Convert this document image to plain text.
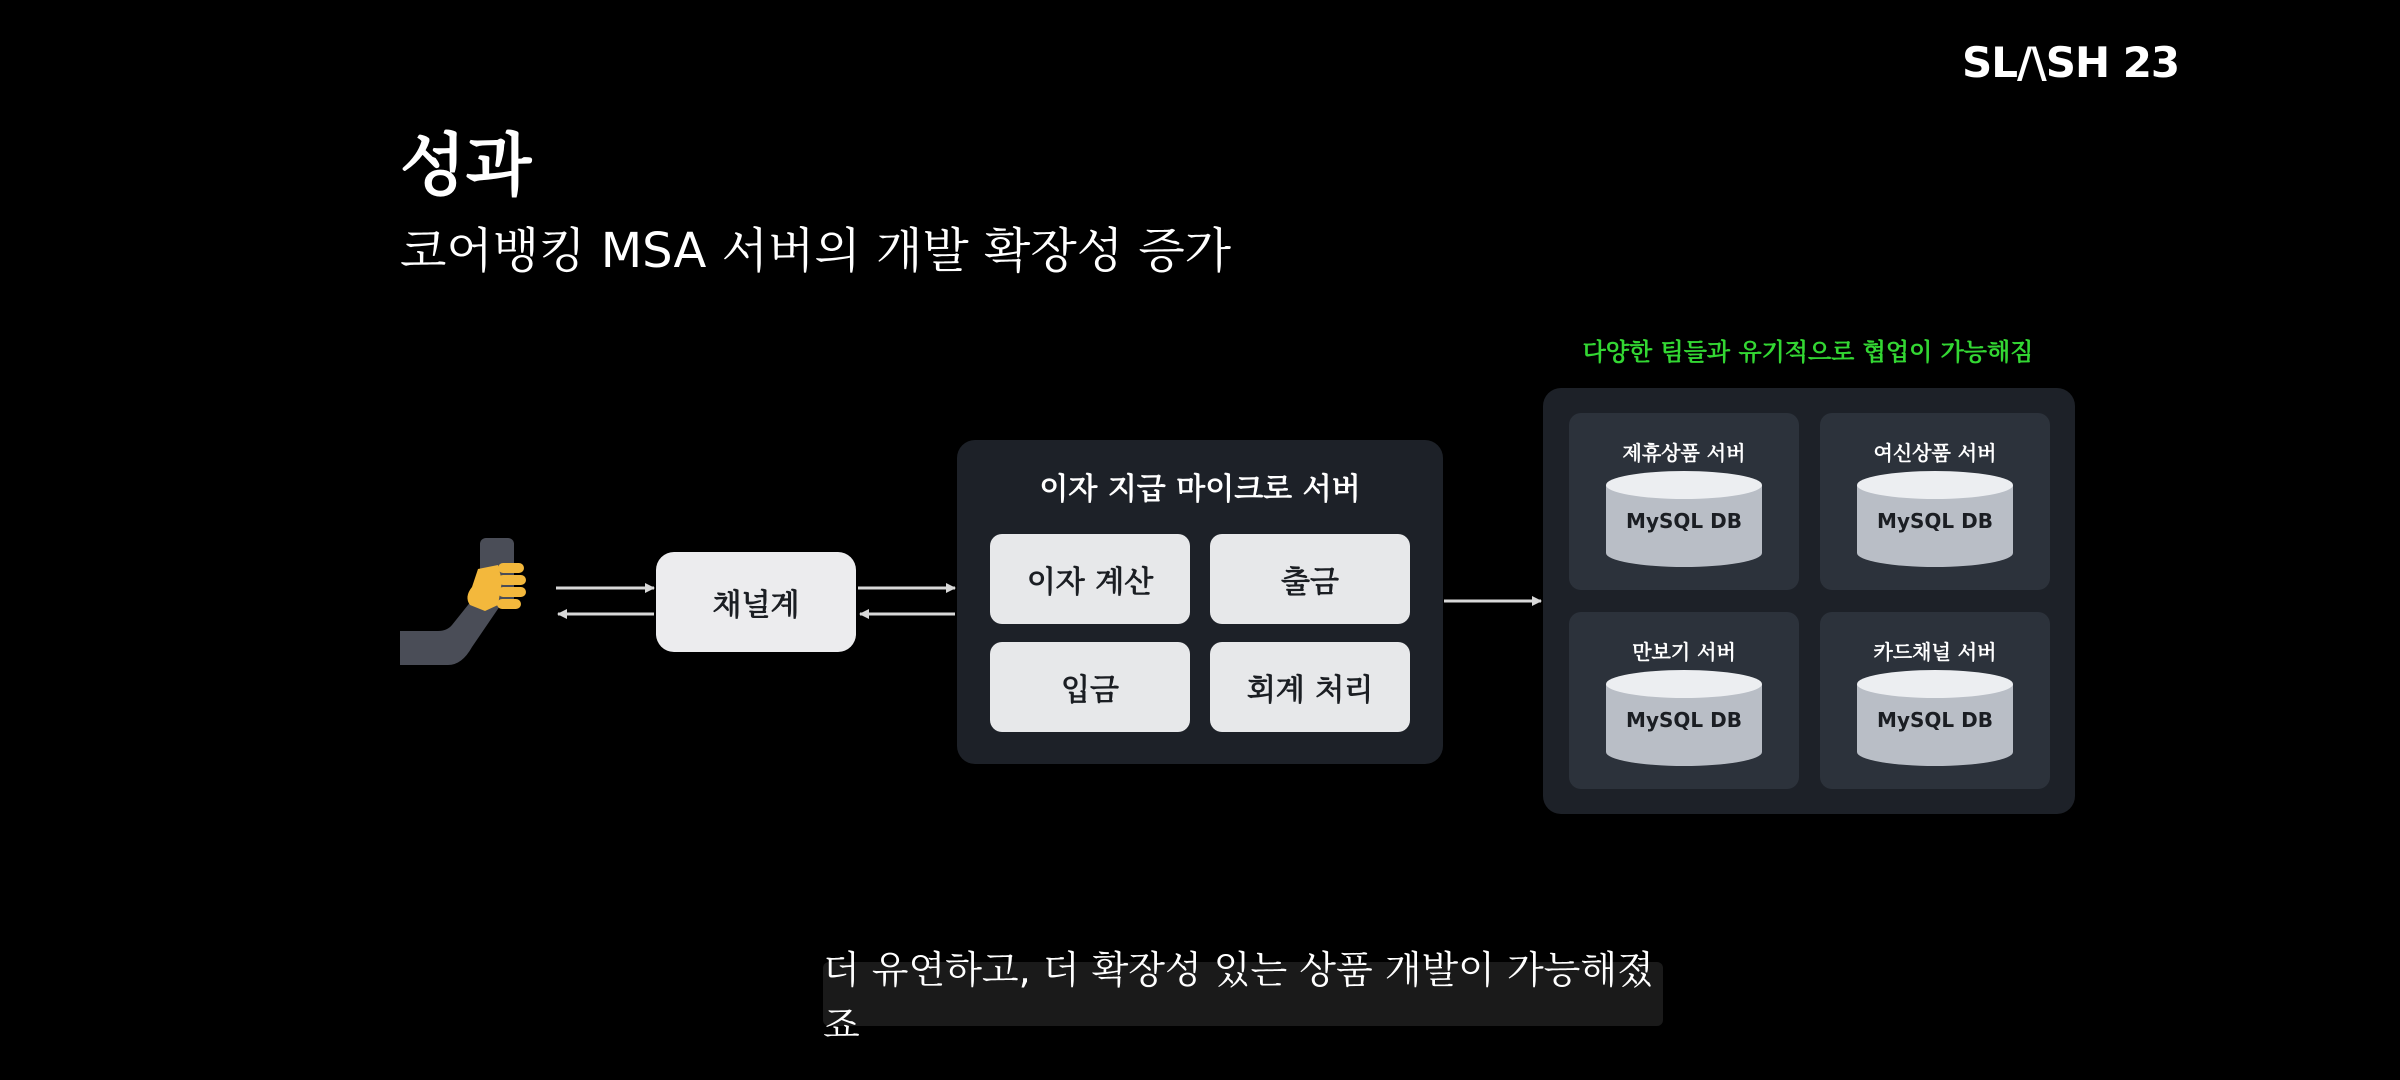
SL/\SH 23
성과
코어뱅킹 MSA 서버의 개발 확장성 증가
채널계
이자 지급 마이크로 서버
이자 계산	출금
입금	회계 처리
다양한 팀들과 유기적으로 협업이 가능해짐
제휴상품 서버
MySQL DB
여신상품 서버
MySQL DB
만보기 서버
MySQL DB
카드채널 서버
MySQL DB
더 유연하고, 더 확장성 있는 상품 개발이 가능해졌죠
